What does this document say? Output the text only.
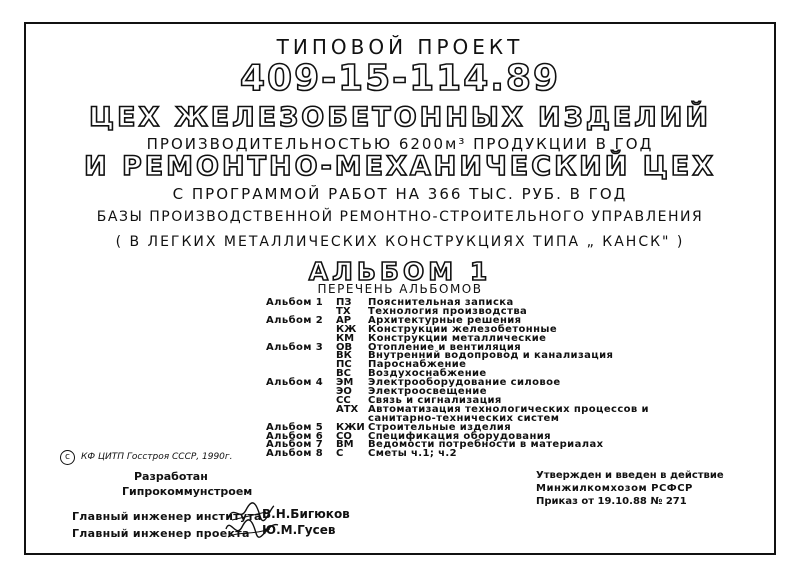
ТИПОВОЙ ПРОЕКТ
409-15-114.89
ЦЕХ ЖЕЛЕЗОБЕТОННЫХ ИЗДЕЛИЙ
ПРОИЗВОДИТЕЛЬНОСТЬЮ 6200м³ ПРОДУКЦИИ В ГОД
И РЕМОНТНО-МЕХАНИЧЕСКИЙ ЦЕХ
С ПРОГРАММОЙ РАБОТ НА 366 ТЫС. РУБ. В ГОД
БАЗЫ ПРОИЗВОДСТВЕННОЙ РЕМОНТНО-СТРОИТЕЛЬНОГО УПРАВЛЕНИЯ
( В ЛЕГКИХ МЕТАЛЛИЧЕСКИХ КОНСТРУКЦИЯХ ТИПА „ КАНСК" )
АЛЬБОМ 1
ПЕРЕЧЕНЬ АЛЬБОМОВ
Альбом 1 ПЗ Пояснительная записка
ТХ Технология производства
Альбом 2 АР Архитектурные решения
КЖ Конструкции железобетонные
КМ Конструкции металлические
Альбом 3 ОВ Отопление и вентиляция
ВК Внутренний водопровод и канализация
ПС Пароснабжение
ВС Воздухоснабжение
Альбом 4 ЭМ Электрооборудование силовое
ЭО Электроосвещение
СС Связь и сигнализация
АТХ Автоматизация технологических процессов и
санитарно-технических систем
Альбом 5 КЖИ Строительные изделия
Альбом 6 СО Спецификация оборудования
Альбом 7 ВМ Ведомости потребности в материалах
Альбом 8 С Сметы ч.1; ч.2
c	КФ ЦИТП Госстроя СССР, 1990г.
Разработан
Гипрокоммунстроем
Главный инженер института В.Н.Бигюков
Главный инженер проекта Ю.М.Гусев
Утвержден и введен в действие
Минжилкомхозом РСФСР
Приказ от 19.10.88 № 271
